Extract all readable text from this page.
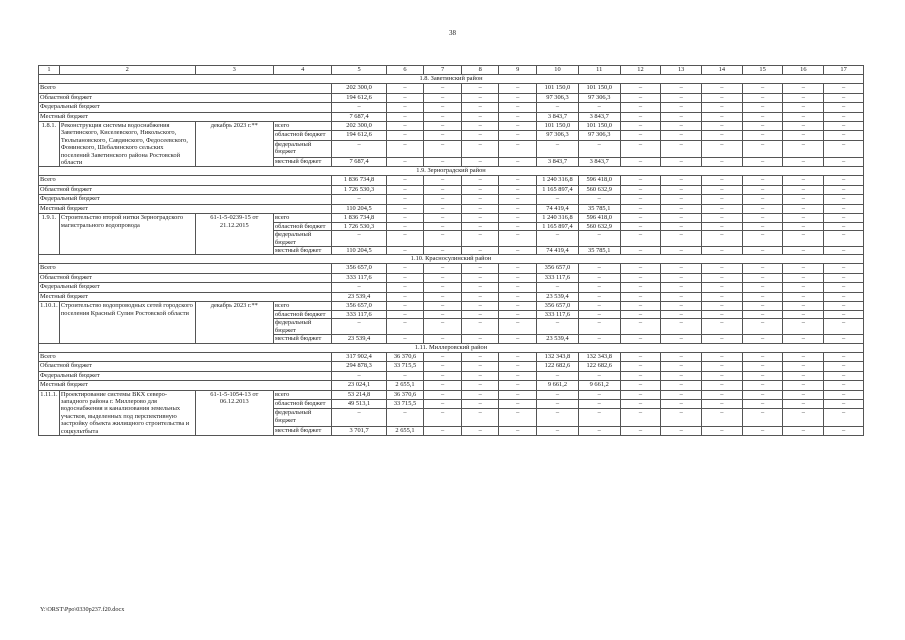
38
1	2	3	4	5	6	7	8	9	10	11	12	13	14	15	16	17
1.8. Заветинский район																
Всего				202 300,0	–	–	–	–	101 150,0	101 150,0	–	–	–	–	–	–
Областной бюджет				194 612,6	–	–	–	–	97 306,3	97 306,3	–	–	–	–	–	–
Федеральный бюджет				–	–	–	–	–	–	–	–	–	–	–	–	–
Местный бюджет				7 687,4	–	–	–	–	3 843,7	3 843,7	–	–	–	–	–	–
1.8.1.	Реконструкция системы водоснабжения Заветинского, Киселевского, Никольского, Тюльпановского, Савдянского, Федосеевского, Фоминского, Шебалинского сельских поселений Заветинского района Ростовской области	декабрь 2023 г.**	всего	202 300,0	–	–	–	–	101 150,0	101 150,0	–	–	–	–	–	–
			областной бюджет	194 612,6	–	–	–	–	97 306,3	97 306,3	–	–	–	–	–	–
			федеральный бюджет	–	–	–	–	–	–	–	–	–	–	–	–	–
			местный бюджет	7 687,4	–	–	–	–	3 843,7	3 843,7	–	–	–	–	–	–
1.9. Зерноградский район																
Всего				1 836 734,8	–	–	–	–	1 240 316,8	596 418,0	–	–	–	–	–	–
Областной бюджет				1 726 530,3	–	–	–	–	1 165 897,4	560 632,9	–	–	–	–	–	–
Федеральный бюджет				–	–	–	–	–	–	–	–	–	–	–	–	–
Местный бюджет				110 204,5	–	–	–	–	74 419,4	35 785,1	–	–	–	–	–	–
1.9.1.	Строительство второй нитки Зерноградского магистрального водопровода	61-1-5-0239-15 от 21.12.2015	всего	1 836 734,8	–	–	–	–	1 240 316,8	596 418,0	–	–	–	–	–	–
			областной бюджет	1 726 530,3	–	–	–	–	1 165 897,4	560 632,9	–	–	–	–	–	–
			федеральный бюджет	–	–	–	–	–	–	–	–	–	–	–	–	–
			местный бюджет	110 204,5	–	–	–	–	74 419,4	35 785,1	–	–	–	–	–	–
1.10. Красносулинский район																
Всего				356 657,0	–	–	–	–	356 657,0	–	–	–	–	–	–	–
Областной бюджет				333 117,6	–	–	–	–	333 117,6	–	–	–	–	–	–	–
Федеральный бюджет				–	–	–	–	–	–	–	–	–	–	–	–	–
Местный бюджет				23 539,4	–	–	–	–	23 539,4	–	–	–	–	–	–	–
1.10.1.	Строительство водопроводных сетей городского поселения Красный Сулин Ростовской области	декабрь 2023 г.**	всего	356 657,0	–	–	–	–	356 657,0	–	–	–	–	–	–	–
			областной бюджет	333 117,6	–	–	–	–	333 117,6	–	–	–	–	–	–	–
			федеральный бюджет	–	–	–	–	–	–	–	–	–	–	–	–	–
			местный бюджет	23 539,4	–	–	–	–	23 539,4	–	–	–	–	–	–	–
1.11. Миллеровский район																
Всего				317 902,4	36 370,6	–	–	–	132 343,8	132 343,8	–	–	–	–	–	–
Областной бюджет				294 878,3	33 715,5	–	–	–	122 682,6	122 682,6	–	–	–	–	–	–
Федеральный бюджет				–	–	–	–	–	–	–	–	–	–	–	–	–
Местный бюджет				23 024,1	2 655,1	–	–	–	9 661,2	9 661,2	–	–	–	–	–	–
1.11.1.	Проектирование системы ВКХ северо-западного района г. Миллерово для водоснабжения и канализования земельных участков, выделенных под перспективную застройку объекта жилищного строительства и соцкультбыта	61-1-5-1054-13 от 06.12.2013	всего	53 214,8	36 370,6	–	–	–	–	–	–	–	–	–	–	–
			областной бюджет	49 513,1	33 715,5	–	–	–	–	–	–	–	–	–	–	–
			федеральный бюджет	–	–	–	–	–	–	–	–	–	–	–	–	–
			местный бюджет	3 701,7	2 655,1	–	–	–	–	–	–	–	–	–	–	–
Y:\ORST\Ppo\0330p237.f20.docx
